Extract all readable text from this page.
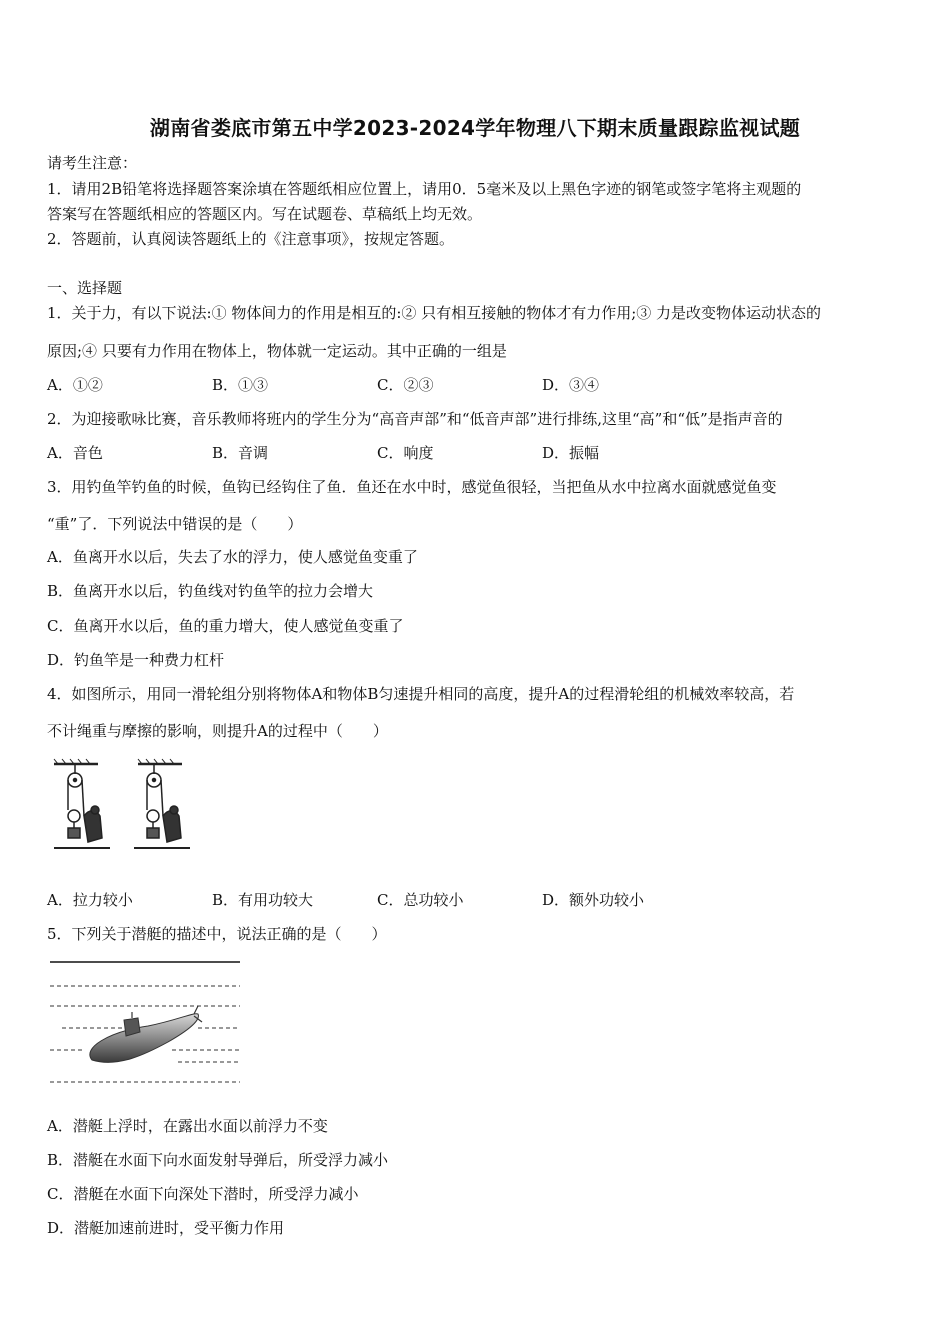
湖南省娄底市第五中学2023-2024学年物理八下期末质量跟踪监视试题
请考生注意：
1．请用2B铅笔将选择题答案涂填在答题纸相应位置上，请用0．5毫米及以上黑色字迹的钢笔或签字笔将主观题的
答案写在答题纸相应的答题区内。写在试题卷、草稿纸上均无效。
2．答题前，认真阅读答题纸上的《注意事项》，按规定答题。
一、选择题
1．关于力，有以下说法:① 物体间力的作用是相互的:② 只有相互接触的物体才有力作用;③ 力是改变物体运动状态的
原因;④ 只要有力作用在物体上，物体就一定运动。其中正确的一组是
A．①②	B．①③	C．②③	D．③④
2．为迎接歌咏比赛，音乐教师将班内的学生分为“高音声部”和“低音声部”进行排练,这里“高”和“低”是指声音的
A．音色	B．音调	C．响度	D．振幅
3．用钓鱼竿钓鱼的时候，鱼钩已经钩住了鱼．鱼还在水中时，感觉鱼很轻，当把鱼从水中拉离水面就感觉鱼变
“重”了．下列说法中错误的是（　　）
A．鱼离开水以后，失去了水的浮力，使人感觉鱼变重了
B．鱼离开水以后，钓鱼线对钓鱼竿的拉力会增大
C．鱼离开水以后，鱼的重力增大，使人感觉鱼变重了
D．钓鱼竿是一种费力杠杆
4．如图所示，用同一滑轮组分别将物体A和物体B匀速提升相同的高度，提升A的过程滑轮组的机械效率较高，若
不计绳重与摩擦的影响，则提升A的过程中（　　）
A．拉力较小	B．有用功较大	C．总功较小	D．额外功较小
5．下列关于潜艇的描述中，说法正确的是（　　）
A．潜艇上浮时，在露出水面以前浮力不变
B．潜艇在水面下向水面发射导弹后，所受浮力减小
C．潜艇在水面下向深处下潜时，所受浮力减小
D．潜艇加速前进时，受平衡力作用
